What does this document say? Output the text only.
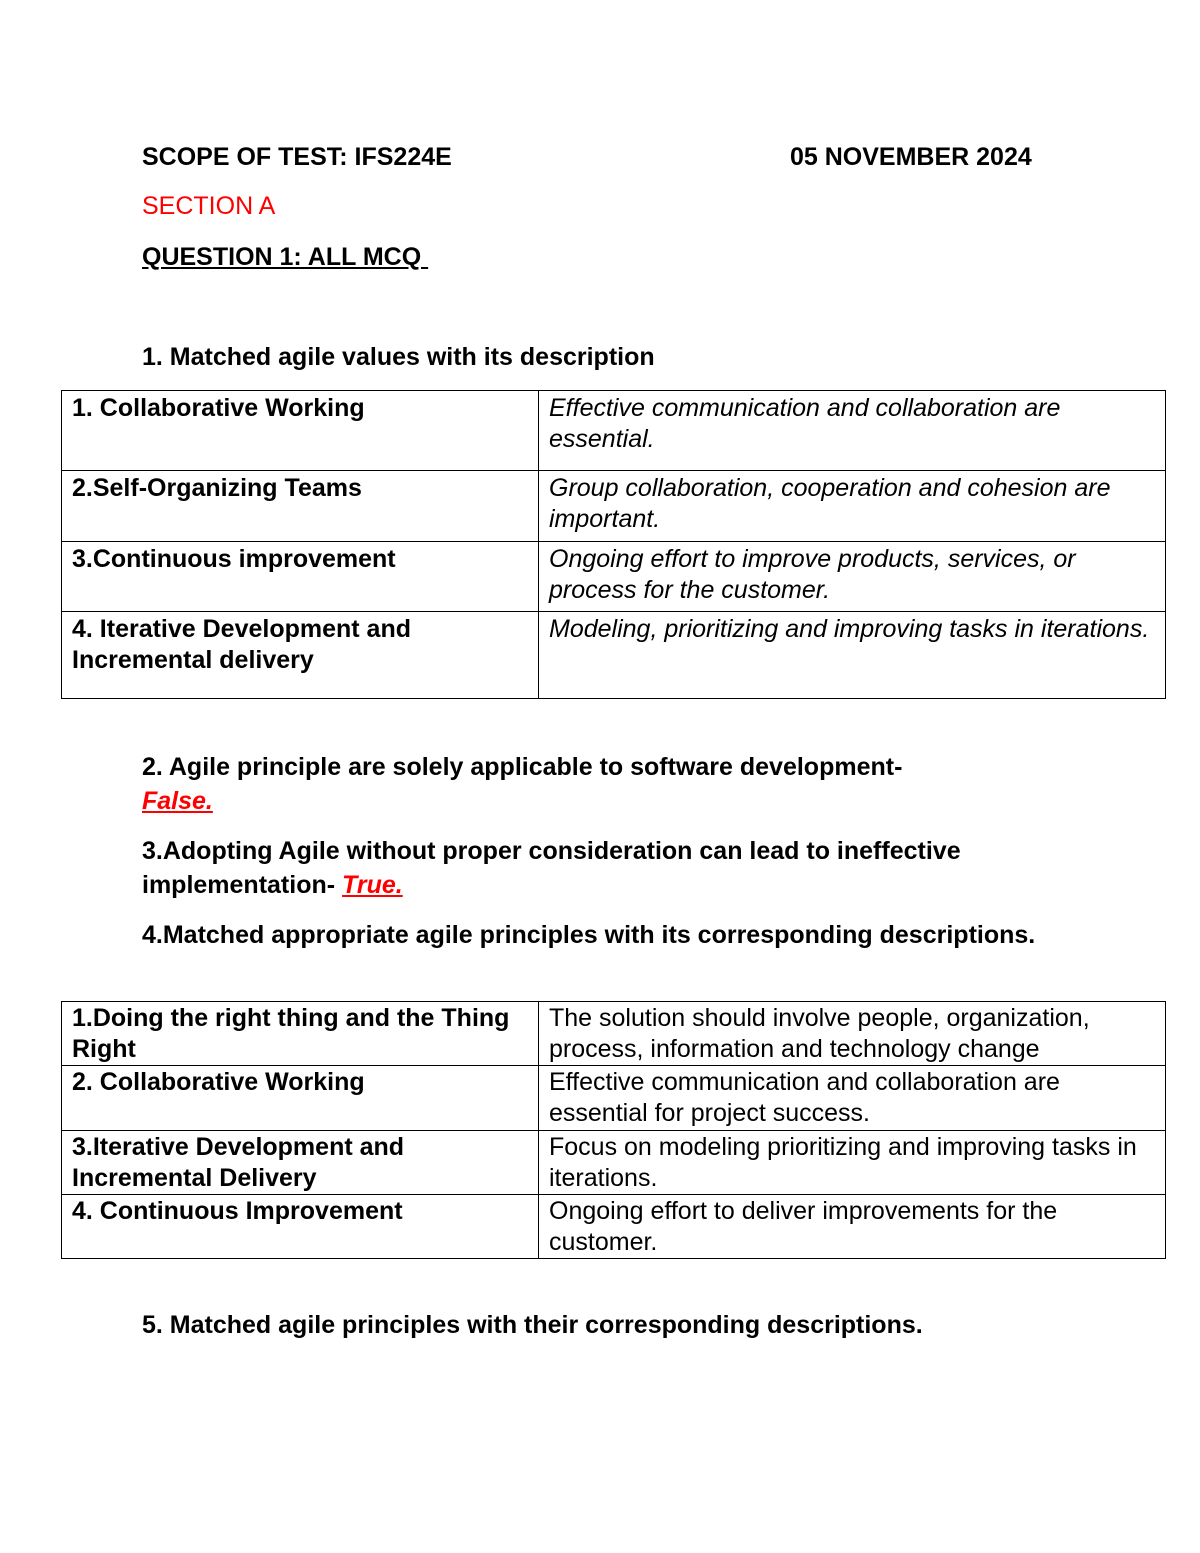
SCOPE OF TEST: IFS224E	05 NOVEMBER 2024
SECTION A
QUESTION 1: ALL MCQ

1. Matched agile values with its description

1. Collaborative Working	Effective communication and collaboration are essential.
2.Self-Organizing Teams	Group collaboration, cooperation and cohesion are important.
3.Continuous improvement	Ongoing effort to improve products, services, or process for the customer.
4. Iterative Development and Incremental delivery	Modeling, prioritizing and improving tasks in iterations.

2. Agile principle are solely applicable to software development-
False.

3.Adopting Agile without proper consideration can lead to ineffective implementation- True.

4.Matched appropriate agile principles with its corresponding descriptions.

1.Doing the right thing and the Thing Right	The solution should involve people, organization, process, information and technology change
2. Collaborative Working	Effective communication and collaboration are essential for project success.
3.Iterative Development and Incremental Delivery	Focus on modeling prioritizing and improving tasks in iterations.
4. Continuous Improvement	Ongoing effort to deliver improvements for the customer.

5. Matched agile principles with their corresponding descriptions.
